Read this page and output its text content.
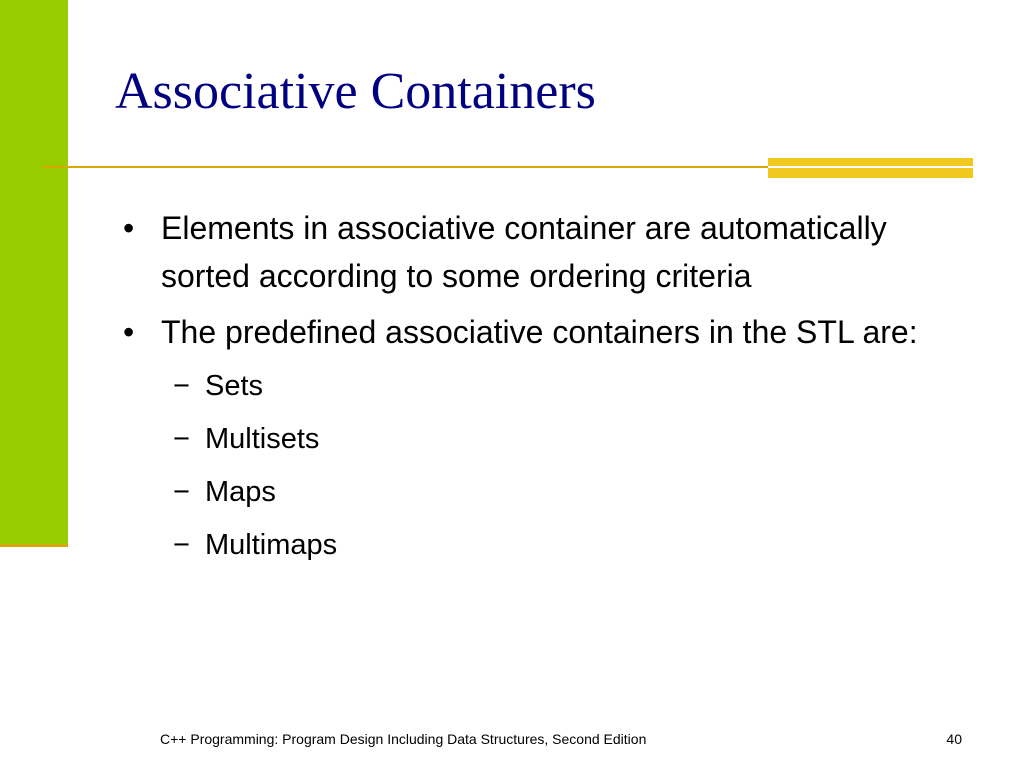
Associative Containers
• Elements in associative container are automatically sorted according to some ordering criteria
• The predefined associative containers in the STL are:
− Sets
− Multisets
− Maps
− Multimaps
C++ Programming: Program Design Including Data Structures, Second Edition	40
